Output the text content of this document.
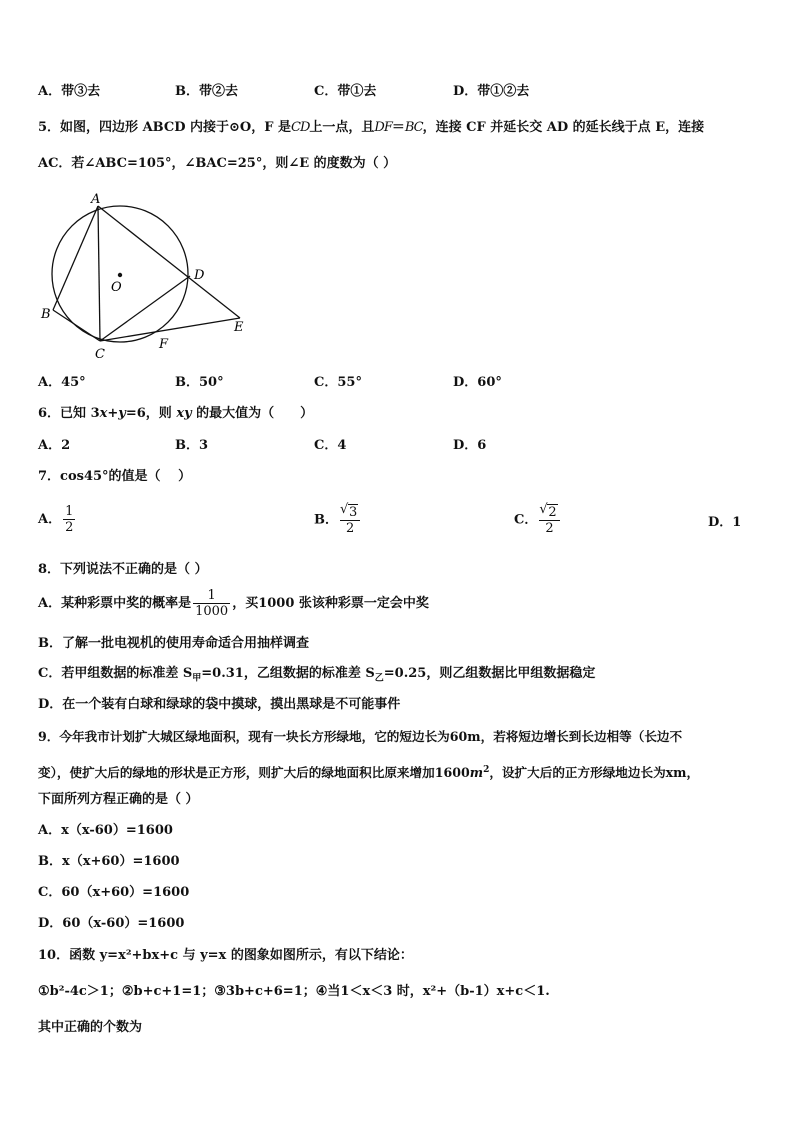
A．带③去	B．带②去	C．带①去	D．带①②去
5．如图，四边形 ABCD 内接于⊙O，F 是CD上一点，且DF＝BC，连接 CF 并延长交 AD 的延长线于点 E，连接
AC．若∠ABC=105°，∠BAC=25°，则∠E 的度数为（ ）
A
B
C
D
E
F
O
A．45°	B．50°	C．55°	D．60°
6．已知 3x+y=6，则 xy 的最大值为（　　）
A．2	B．3	C．4	D．6
7．cos45°的值是（　 ）
A． $\frac{1}{2}$	B． √ $\frac{3}{2}$	C． √ $\frac{2}{2}$	D．1
8．下列说法不正确的是（ ）
A．某种彩票中奖的概率是 $\frac{1}{1000}$ ，买1000 张该种彩票一定会中奖
B．了解一批电视机的使用寿命适合用抽样调查
C．若甲组数据的标准差 $S_甲=0.31$，乙组数据的标准差 $S_乙=0.25$，则乙组数据比甲组数据稳定
D．在一个装有白球和绿球的袋中摸球，摸出黑球是不可能事件
9．今年我市计划扩大城区绿地面积，现有一块长方形绿地，它的短边长为60m，若将短边增长到长边相等（长边不
变），使扩大后的绿地的形状是正方形，则扩大后的绿地面积比原来增加$1600m^2$，设扩大后的正方形绿地边长为xm，
下面所列方程正确的是（ ）
A．x（x-60）=1600
B．x（x+60）=1600
C．60（x+60）=1600
D．60（x-60）=1600
10．函数 y=x²+bx+c 与 y=x 的图象如图所示，有以下结论：
①b²-4c＞1；②b+c+1=1；③3b+c+6=1；④当1＜x＜3 时，x²+（b-1）x+c＜1.
其中正确的个数为
